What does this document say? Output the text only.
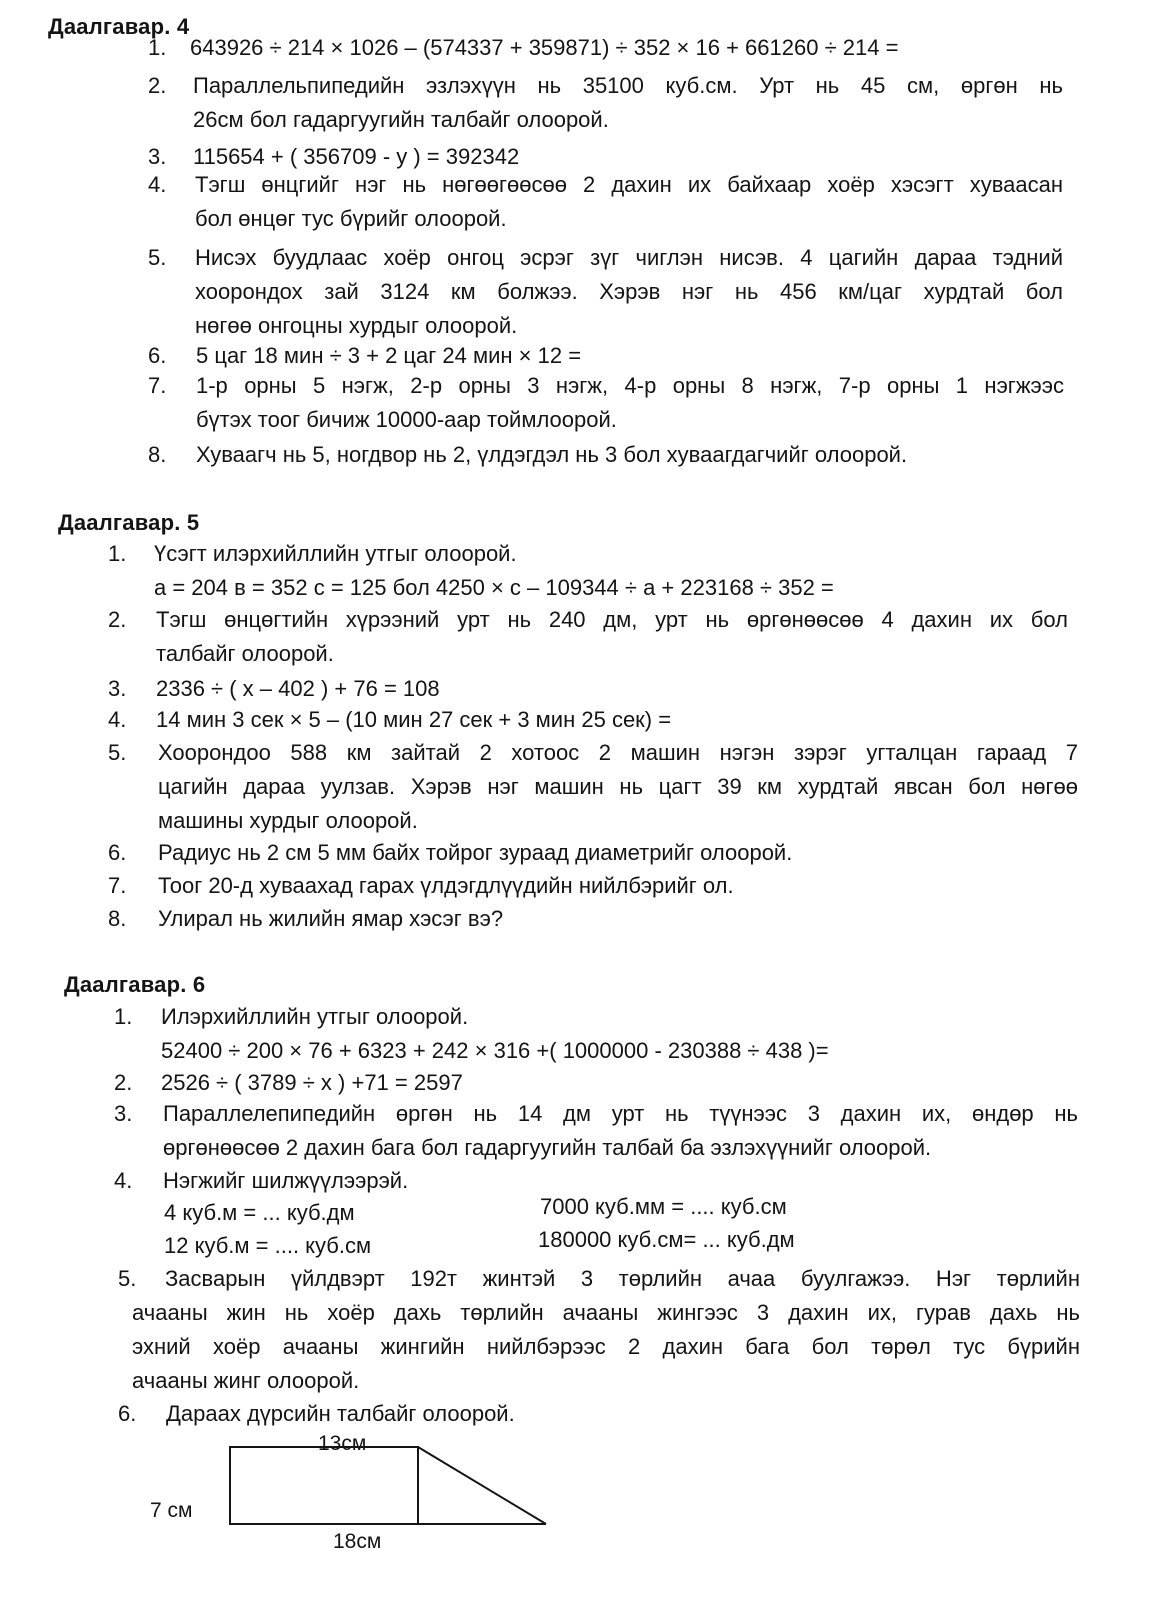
Даалгавар. 4
1. 643926 ÷ 214 × 1026 – (574337 + 359871) ÷ 352 × 16 + 661260 ÷ 214 =
2. Параллельпипедийн эзлэхүүн нь 35100 куб.см. Урт нь 45 см, өргөн нь
26см бол гадаргуугийн талбайг олоорой.
3. 115654 + ( 356709 - у ) = 392342
4. Тэгш өнцгийг нэг нь нөгөөгөөсөө 2 дахин их байхаар хоёр хэсэгт хуваасан
бол өнцөг тус бүрийг олоорой.
5. Нисэх буудлаас хоёр онгоц эсрэг зүг чиглэн нисэв. 4 цагийн дараа тэдний
хоорондох зай 3124 км болжээ. Хэрэв нэг нь 456 км/цаг хурдтай бол
нөгөө онгоцны хурдыг олоорой.
6. 5 цаг 18 мин ÷ 3 + 2 цаг 24 мин × 12 =
7. 1-р орны 5 нэгж, 2-р орны 3 нэгж, 4-р орны 8 нэгж, 7-р орны 1 нэгжээс
бүтэх тоог бичиж 10000-аар тоймлоорой.
8. Хуваагч нь 5, ногдвор нь 2, үлдэгдэл нь 3 бол хуваагдагчийг олоорой.
Даалгавар. 5
1. Үсэгт илэрхийллийн утгыг олоорой.
a = 204 в = 352 c = 125 бол 4250 × c – 109344 ÷ a + 223168 ÷ 352 =
2. Тэгш өнцөгтийн хүрээний урт нь 240 дм, урт нь өргөнөөсөө 4 дахин их бол
талбайг олоорой.
3. 2336 ÷ ( x – 402 ) + 76 = 108
4. 14 мин 3 сек × 5 – (10 мин 27 сек + 3 мин 25 сек) =
5. Хоорондоо 588 км зайтай 2 хотоос 2 машин нэгэн зэрэг угталцан гараад 7
цагийн дараа уулзав. Хэрэв нэг машин нь цагт 39 км хурдтай явсан бол нөгөө
машины хурдыг олоорой.
6. Радиус нь 2 см 5 мм байх тойрог зураад диаметрийг олоорой.
7. Тоог 20-д хуваахад гарах үлдэгдлүүдийн нийлбэрийг ол.
8. Улирал нь жилийн ямар хэсэг вэ?
Даалгавар. 6
1. Илэрхийллийн утгыг олоорой.
52400 ÷ 200 × 76 + 6323 + 242 × 316 +( 1000000 - 230388 ÷ 438 )=
2. 2526 ÷ ( 3789 ÷ x ) +71 = 2597
3. Параллелепипедийн өргөн нь 14 дм урт нь түүнээс 3 дахин их, өндөр нь
өргөнөөсөө 2 дахин бага бол гадаргуугийн талбай ба эзлэхүүнийг олоорой.
4. Нэгжийг шилжүүлээрэй.
4 куб.м = ... куб.дм
12 куб.м = .... куб.см
7000 куб.мм = .... куб.см
180000 куб.см= ... куб.дм
5.	Засварын үйлдвэрт 192т жинтэй 3 төрлийн ачаа буулгажээ. Нэг төрлийн
ачааны жин нь хоёр дахь төрлийн ачааны жингээс 3 дахин их, гурав дахь нь
эхний хоёр ачааны жингийн нийлбэрээс 2 дахин бага бол төрөл тус бүрийн
ачааны жинг олоорой.
6. Дараах дүрсийн талбайг олоорой.
13см
18см
7 см
